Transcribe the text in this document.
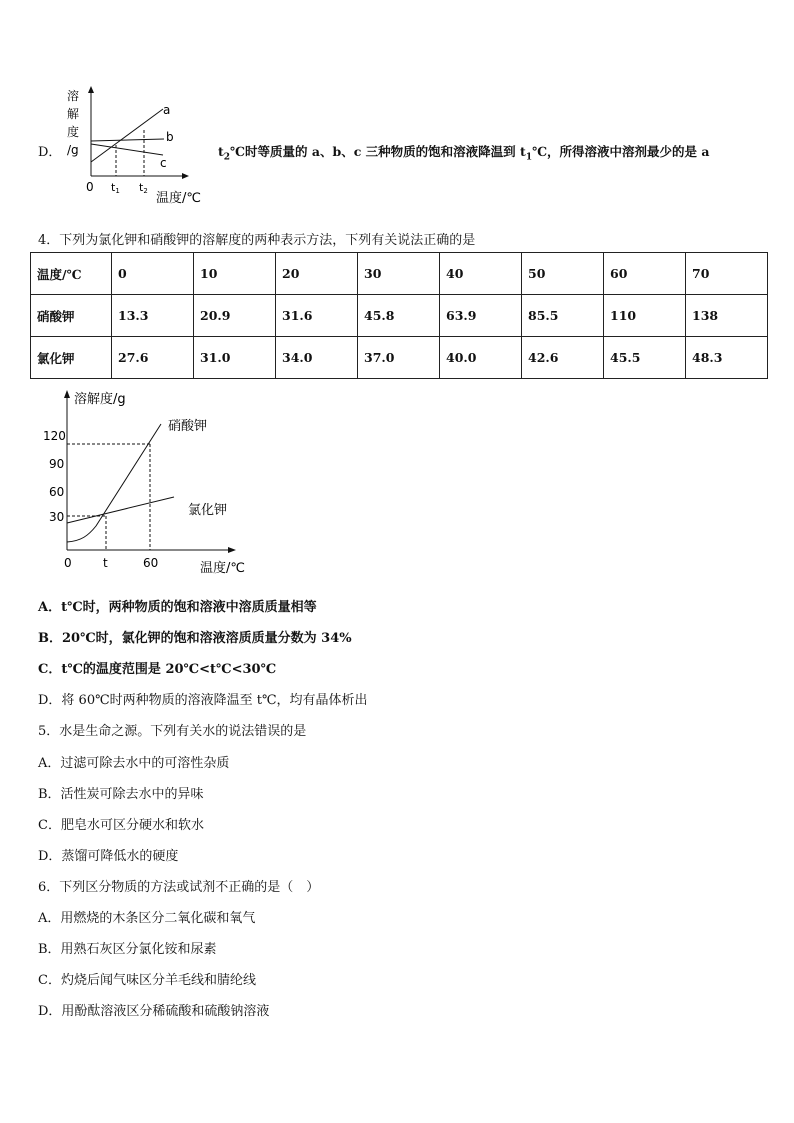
D．
溶
解
度
/g
a
b
c
0 t1 t2 温度/℃
$t_2℃$时等质量的 a、b、c 三种物质的饱和溶液降温到 $t_1℃$，所得溶液中溶剂最少的是 a
4．下列为氯化钾和硝酸钾的溶解度的两种表示方法，下列有关说法正确的是
温度/℃	0	10	20	30	40	50	60	70
硝酸钾	13.3	20.9	31.6	45.8	63.9	85.5	110	138
氯化钾	27.6	31.0	34.0	37.0	40.0	42.6	45.5	48.3
120
90
60
30
0	t	60
溶解度/g
温度/℃
硝酸钾
氯化钾
A．t℃时，两种物质的饱和溶液中溶质质量相等
B．20℃时，氯化钾的饱和溶液溶质质量分数为 34%
C．t℃的温度范围是 20℃<t℃<30℃
D．将 60℃时两种物质的溶液降温至 t℃，均有晶体析出
5．水是生命之源。下列有关水的说法错误的是
A．过滤可除去水中的可溶性杂质
B．活性炭可除去水中的异味
C．肥皂水可区分硬水和软水
D．蒸馏可降低水的硬度
6．下列区分物质的方法或试剂不正确的是（　）
A．用燃烧的木条区分二氧化碳和氧气
B．用熟石灰区分氯化铵和尿素
C．灼烧后闻气味区分羊毛线和腈纶线
D．用酚酞溶液区分稀硫酸和硫酸钠溶液
